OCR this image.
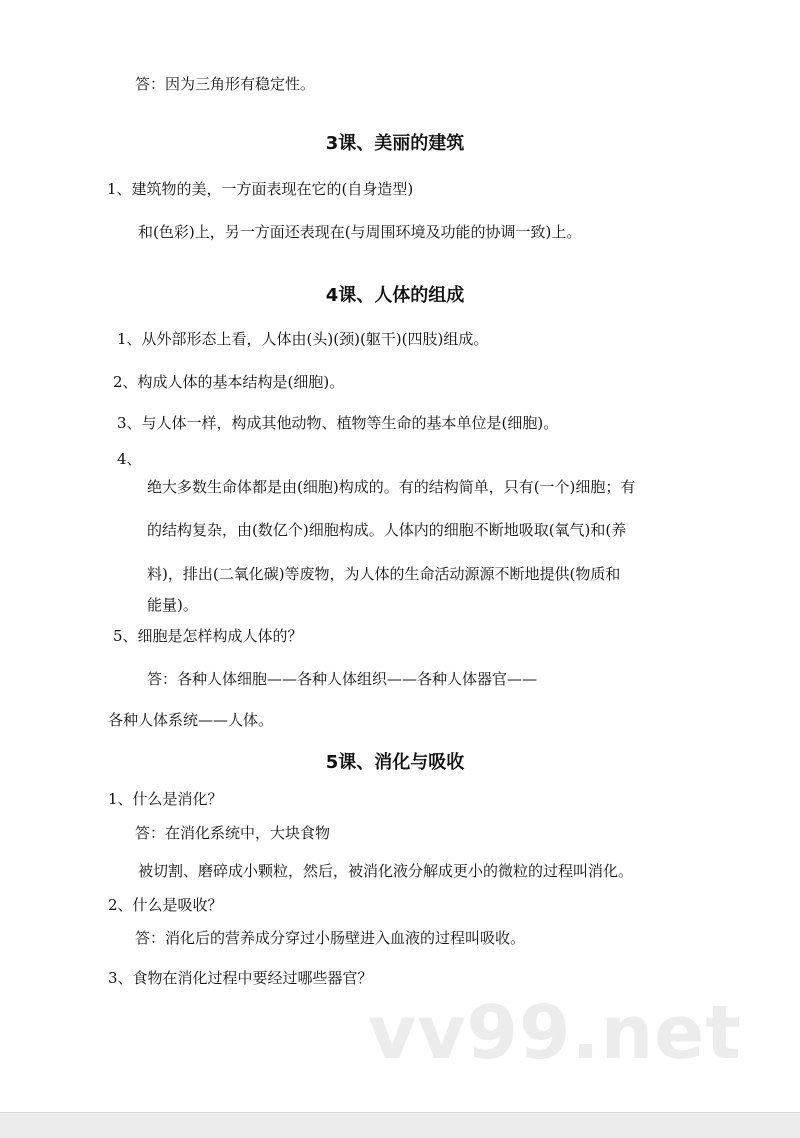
答：因为三角形有稳定性。
3课、美丽的建筑
1、建筑物的美，一方面表现在它的(自身造型)
和(色彩)上，另一方面还表现在(与周围环境及功能的协调一致)上。
4课、人体的组成
1、从外部形态上看，人体由(头)(颈)(躯干)(四肢)组成。
2、构成人体的基本结构是(细胞)。
3、与人体一样，构成其他动物、植物等生命的基本单位是(细胞)。
4、
绝大多数生命体都是由(细胞)构成的。有的结构简单，只有(一个)细胞；有
的结构复杂，由(数亿个)细胞构成。人体内的细胞不断地吸取(氧气)和(养
料)，排出(二氧化碳)等废物，为人体的生命活动源源不断地提供(物质和
能量)。
5、细胞是怎样构成人体的？
答：各种人体细胞——各种人体组织——各种人体器官——
各种人体系统——人体。
5课、消化与吸收
1、什么是消化？
答：在消化系统中，大块食物
被切割、磨碎成小颗粒，然后，被消化液分解成更小的微粒的过程叫消化。
2、什么是吸收？
答：消化后的营养成分穿过小肠壁进入血液的过程叫吸收。
3、食物在消化过程中要经过哪些器官？
vv99.net
